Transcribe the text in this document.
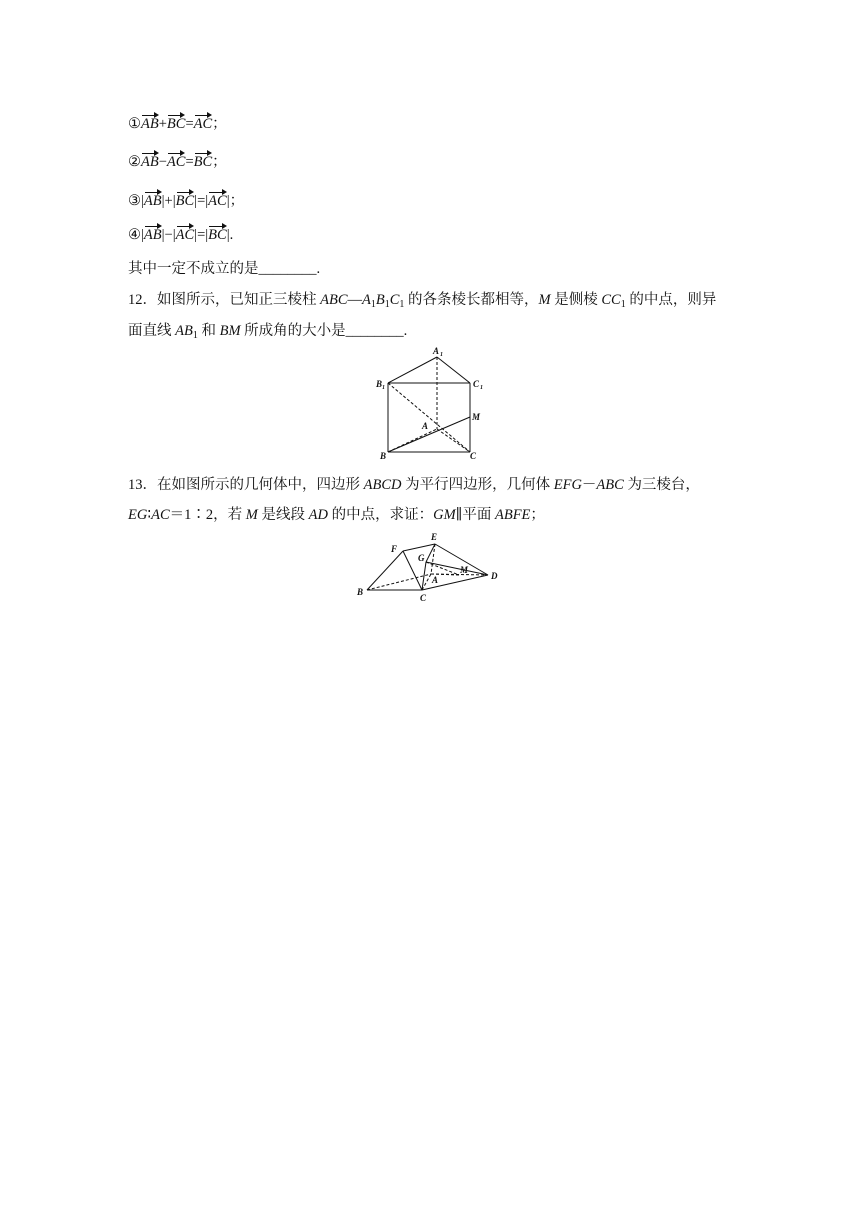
①AB+BC=AC；
②AB−AC=BC；
③|AB|+|BC|=|AC|；
④|AB|−|AC|=|BC|.
其中一定不成立的是________.
12．如图所示，已知正三棱柱 $ABC—A_1B_1C_1$ 的各条棱长都相等，M 是侧棱 $CC_1$ 的中点，则异
面直线 $AB_1$ 和 BM 所成角的大小是________.
A 1
B 1	C 1
M
A
B	C
13．在如图所示的几何体中，四边形 ABCD 为平行四边形，几何体 EFG－ABC 为三棱台，
EG∶AC＝1∶2，若 M 是线段 AD 的中点，求证：GM∥平面 ABFE；
E
F
G
M
A
B
C
D
